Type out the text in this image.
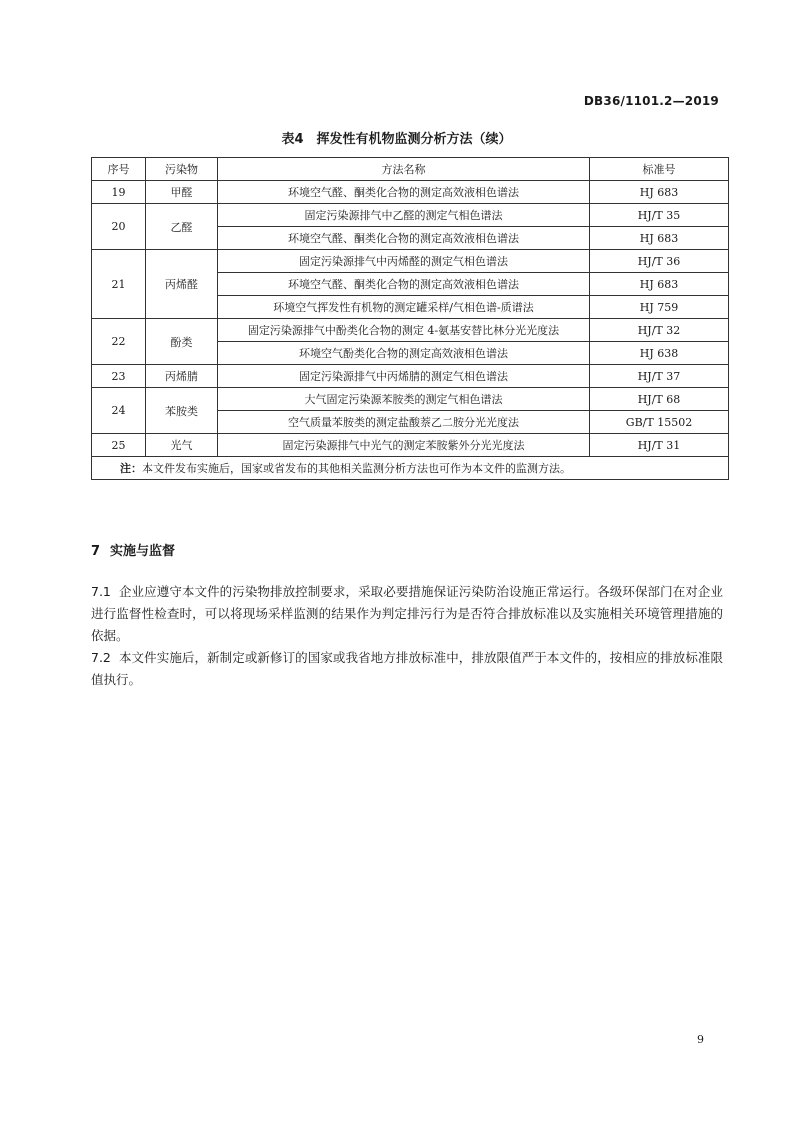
DB36/1101.2—2019
表4　挥发性有机物监测分析方法（续）
序号	污染物	方法名称	标准号
19	甲醛	环境空气醛、酮类化合物的测定高效液相色谱法	HJ 683
20	乙醛	固定污染源排气中乙醛的测定气相色谱法	HJ/T 35
		环境空气醛、酮类化合物的测定高效液相色谱法	HJ 683
21	丙烯醛	固定污染源排气中丙烯醛的测定气相色谱法	HJ/T 36
		环境空气醛、酮类化合物的测定高效液相色谱法	HJ 683
		环境空气挥发性有机物的测定罐采样/气相色谱-质谱法	HJ 759
22	酚类	固定污染源排气中酚类化合物的测定 4-氨基安替比林分光光度法	HJ/T 32
		环境空气酚类化合物的测定高效液相色谱法	HJ 638
23	丙烯腈	固定污染源排气中丙烯腈的测定气相色谱法	HJ/T 37
24	苯胺类	大气固定污染源苯胺类的测定气相色谱法	HJ/T 68
		空气质量苯胺类的测定盐酸萘乙二胺分光光度法	GB/T 15502
25	光气	固定污染源排气中光气的测定苯胺紫外分光光度法	HJ/T 31
注：本文件发布实施后，国家或省发布的其他相关监测分析方法也可作为本文件的监测方法。			
7 实施与监督

7.1 企业应遵守本文件的污染物排放控制要求，采取必要措施保证污染防治设施正常运行。各级环保部门在对企业进行监督性检查时，可以将现场采样监测的结果作为判定排污行为是否符合排放标准以及实施相关环境管理措施的依据。

7.2 本文件实施后，新制定或新修订的国家或我省地方排放标准中，排放限值严于本文件的，按相应的排放标准限值执行。

9
